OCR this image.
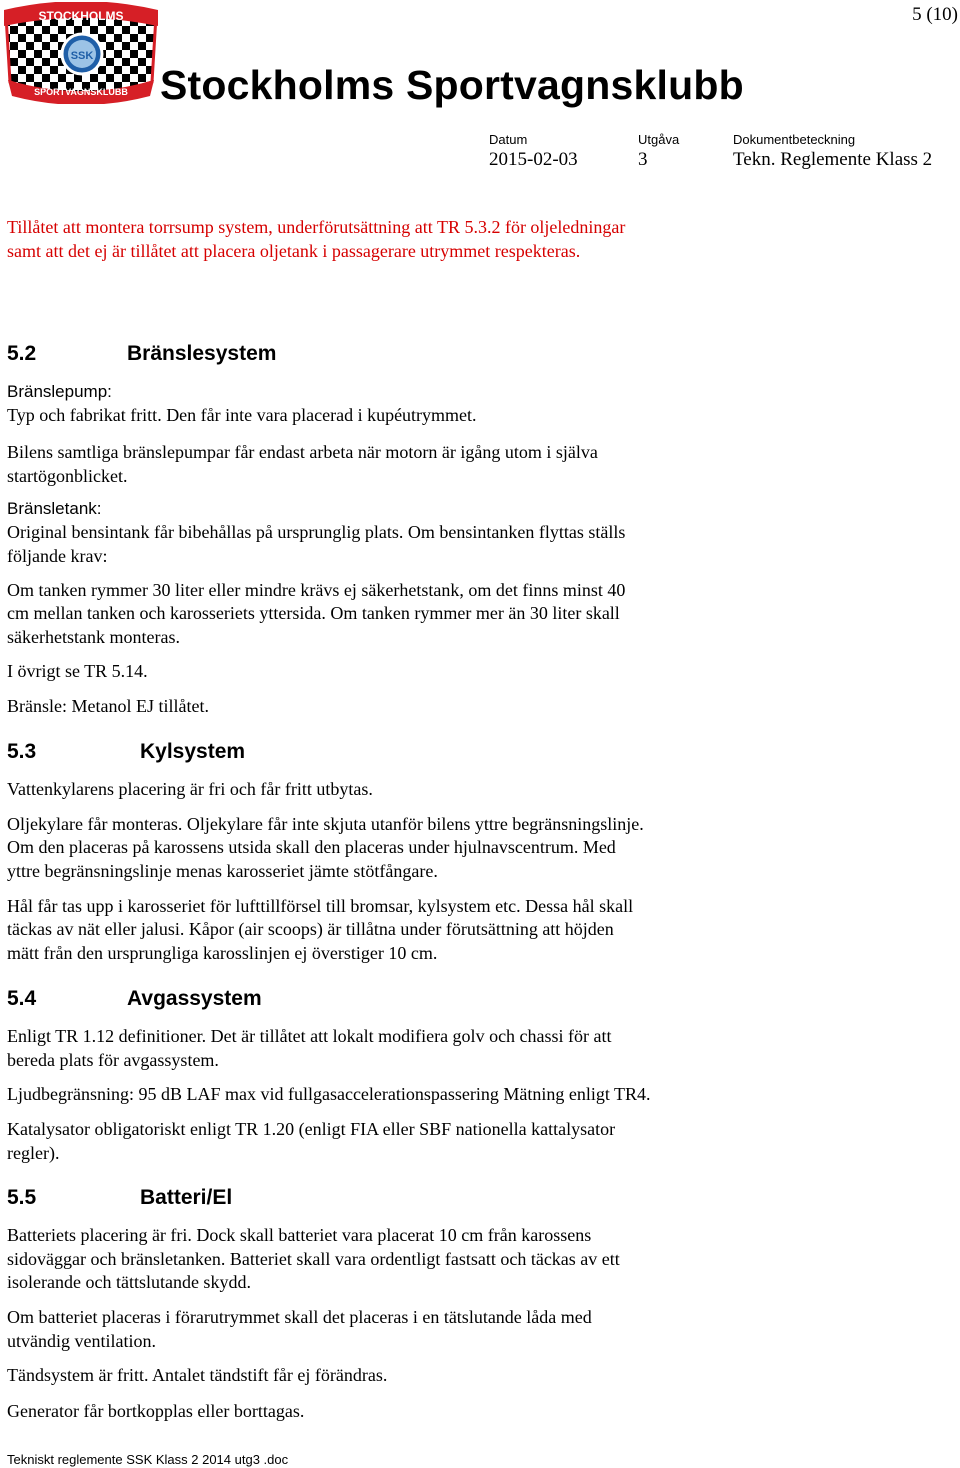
STOCKHOLMS
SPORTVAGNSKLUBB
SSK
5 (10)
Stockholms Sportvagnsklubb
Datum	Utgåva	Dokumentbeteckning
2015-02-03	3	Tekn. Reglemente Klass 2
Tillåtet att montera torrsump system, underförutsättning att TR 5.3.2 för oljeledningar
samt att det ej är tillåtet att placera oljetank i passagerare utrymmet respekteras.
5.2	Bränslesystem
Bränslepump:
Typ och fabrikat fritt. Den får inte vara placerad i kupéutrymmet.
Bilens samtliga bränslepumpar får endast arbeta när motorn är igång utom i själva
startögonblicket.
Bränsletank:
Original bensintank får bibehållas på ursprunglig plats. Om bensintanken flyttas ställs
följande krav:
Om tanken rymmer 30 liter eller mindre krävs ej säkerhetstank, om det finns minst 40
cm mellan tanken och karosseriets yttersida. Om tanken rymmer mer än 30 liter skall
säkerhetstank monteras.
I övrigt se TR 5.14.
Bränsle: Metanol EJ tillåtet.
5.3	Kylsystem
Vattenkylarens placering är fri och får fritt utbytas.
Oljekylare får monteras. Oljekylare får inte skjuta utanför bilens yttre begränsningslinje.
Om den placeras på karossens utsida skall den placeras under hjulnavscentrum. Med
yttre begränsningslinje menas karosseriet jämte stötfångare.
Hål får tas upp i karosseriet för lufttillförsel till bromsar, kylsystem etc. Dessa hål skall
täckas av nät eller jalusi. Kåpor (air scoops) är tillåtna under förutsättning att höjden
mätt från den ursprungliga karosslinjen ej överstiger 10 cm.
5.4	Avgassystem
Enligt TR 1.12 definitioner. Det är tillåtet att lokalt modifiera golv och chassi för att
bereda plats för avgassystem.
Ljudbegränsning: 95 dB LAF max vid fullgasaccelerationspassering Mätning enligt TR4.
Katalysator obligatoriskt enligt TR 1.20 (enligt FIA eller SBF nationella kattalysator
regler).
5.5	Batteri/El
Batteriets placering är fri. Dock skall batteriet vara placerat 10 cm från karossens
sidoväggar och bränsletanken. Batteriet skall vara ordentligt fastsatt och täckas av ett
isolerande och tättslutande skydd.
Om batteriet placeras i förarutrymmet skall det placeras i en tätslutande låda med
utvändig ventilation.
Tändsystem är fritt. Antalet tändstift får ej förändras.
Generator får bortkopplas eller borttagas.
Tekniskt reglemente SSK Klass 2 2014 utg3 .doc
